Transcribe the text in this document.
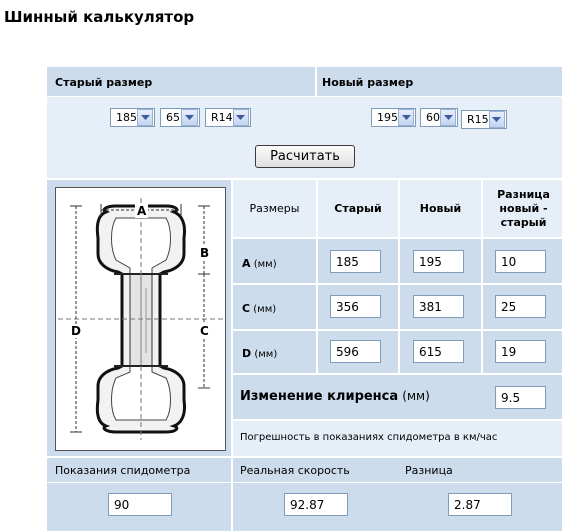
Шинный калькулятор
Старый размер	Новый размер
185	65	R14	195	60 R15
Расчитать
A
B
C
D
Размеры	Старый	Новый
Разница новый - старый
A (мм)	185	195	10
C (мм)	356	381	25
D (мм)	596	615	19
Изменение клиренса (мм)	9.5
Погрешность в показаниях спидометра в км/час
Показания спидометра	Реальная скорость	Разница
90	92.87	2.87
